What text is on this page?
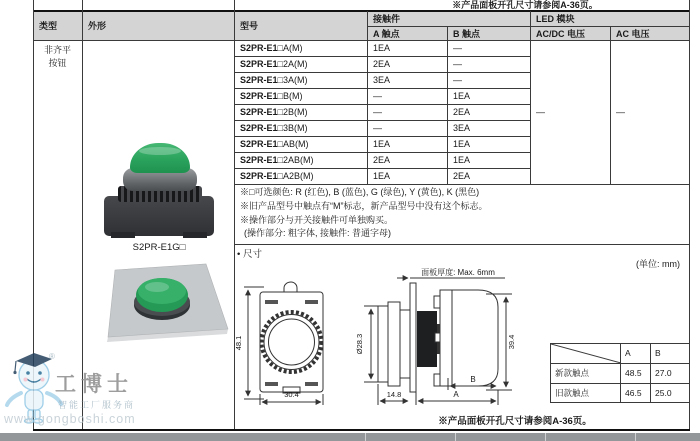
※产品面板开孔尺寸请参阅A-36页。
类型	外形	型号
接触件	LED 模块
A 触点	B 触点	AC/DC 电压	AC 电压
非齐平
按钮
S2PR-E1□A(M)	1EA	—
S2PR-E1□2A(M)	2EA	—
S2PR-E1□3A(M)	3EA	—
S2PR-E1□B(M)	—	1EA
S2PR-E1□2B(M)	—	2EA
S2PR-E1□3B(M)	—	3EA
S2PR-E1□AB(M)	1EA	1EA
S2PR-E1□2AB(M)	2EA	1EA
S2PR-E1□A2B(M)	1EA	2EA
—	—
S2PR-E1G□
※□可选颜色: R (红色), B (蓝色), G (绿色), Y (黄色), K (黑色)
※旧产品型号中触点有“M”标志，新产品型号中没有这个标志。
※操作部分与开关接触件可单独购买。
(操作部分: 粗字体, 接触件: 普通字母)
• 尺寸
(单位: mm)
48.1
30.4
面板厚度: Max. 6mm
Ø28.3	39.4
14.8	A
B
A	B
新款触点	48.5	27.0
旧款触点	46.5	25.0
※产品面板开孔尺寸请参阅A-36页。
®
工博士
智能工厂服务商
www.gongboshi.com
